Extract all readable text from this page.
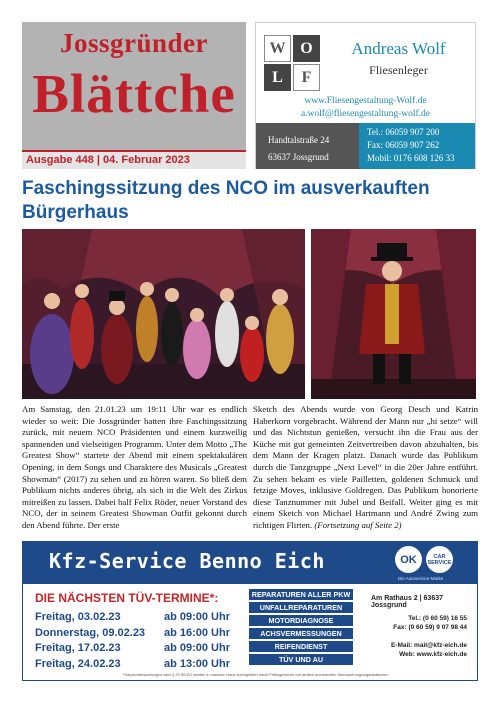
Jossgründer
Blättche
Ausgabe 448 | 04. Februar 2023
W O
L	F
Andreas Wolf
Fliesenleger
www.Fliesengestaltung-Wolf.de
a.wolf@fliesengestaltung-wolf.de
Handtalstraße 24
63637 Jossgrund
Tel.: 06059 907 200
Fax: 06059 907 262
Mobil: 0176 608 126 33
Faschingssitzung des NCO im ausverkauften Bürgerhaus

Am Samstag, den 21.01.23 um 19:11 Uhr war es endlich wieder so weit: Die Jossgründer hatten ihre Faschingssitzung zurück, mit neuem NCO Präsidenten und einem kurzweilig spannenden und vielseitigen Programm. Unter dem Motto „The Greatest Show“ startete der Abend mit einem spektakulären Opening, in dem Songs und Charaktere des Musicals „Greatest Showman“ (2017) zu sehen und zu hören waren. So bließ dem Publikum nichts anderes übrig, als sich in die Welt des Zirkus mitreißen zu lassen. Dabei half Felix Röder, neuer Vorstand des NCO, der in seinem Greatest Showman Outfit gekonnt durch den Abend führte. Der erste

Sketch des Abends wurde von Georg Desch und Katrin Haberkorn vorgebracht. Während der Mann nur „hi setze“ will und das Nichtstun genießen, versucht ihn die Frau aus der Küche mit gut gemeinten Zeitvertreiben davon abzuhalten, bis dem Mann der Kragen platzt. Danach wurde das Publikum durch die Tanzgruppe „Next Level“ in die 20er Jahre entführt. Zu sehen bekam es viele Pailletten, goldenen Schmuck und fetzige Moves, inklusive Goldregen. Das Publikum honorierte diese Tanznummer mit Jubel und Beifall. Weiter ging es mit einem Sketch von Michael Hartmann und André Zwing zum richtigen Flirten. (Fortsetzung auf Seite 2)

Kfz-Service Benno Eich	OK	CAR SERVICE
Die Autoservice-Marke
DIE NÄCHSTEN TÜV-TERMINE*:
Freitag, 03.02.23	ab 09:00 Uhr
Donnerstag, 09.02.23 ab 16:00 Uhr
Freitag, 17.02.23	ab 09:00 Uhr
Freitag, 24.02.23	ab 13:00 Uhr
REPARATUREN ALLER PKW
UNFALLREPARATUREN
MOTORDIAGNOSE
ACHSVERMESSUNGEN
REIFENDIENST
TÜV UND AU
Am Rathaus 2 | 63637 Jossgrund
Tel.: (0 60 59) 16 55
Fax: (0 60 59) 9 07 98 44
E-Mail: mail@kfz-eich.de
Web: www.kfz-eich.de
*Hauptuntersuchungen nach § 29 StVZO werden in unserem Haus durchgeführt durch Prüfingenieure von amtlich anerkannten Überwachungsorganisationen.
